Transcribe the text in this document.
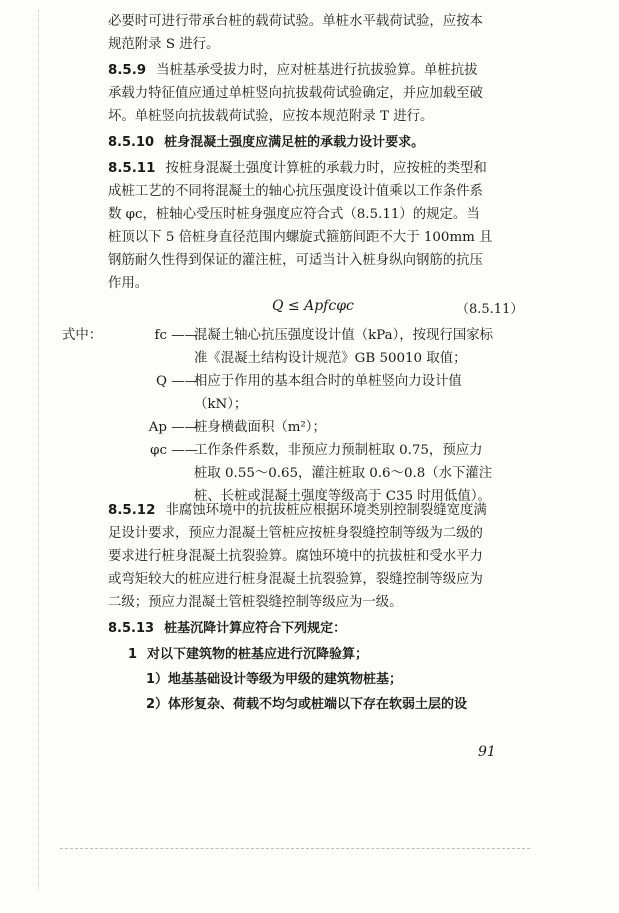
必要时可进行带承台桩的载荷试验。单桩水平载荷试验，应按本
规范附录 S 进行。
8.5.9 当桩基承受拔力时，应对桩基进行抗拔验算。单桩抗拔
承载力特征值应通过单桩竖向抗拔载荷试验确定，并应加载至破
坏。单桩竖向抗拔载荷试验，应按本规范附录 T 进行。
8.5.10 桩身混凝土强度应满足桩的承载力设计要求。
8.5.11 按桩身混凝土强度计算桩的承载力时，应按桩的类型和
成桩工艺的不同将混凝土的轴心抗压强度设计值乘以工作条件系
数 φc，桩轴心受压时桩身强度应符合式（8.5.11）的规定。当
桩顶以下 5 倍桩身直径范围内螺旋式箍筋间距不大于 100mm 且
钢筋耐久性得到保证的灌注桩，可适当计入桩身纵向钢筋的抗压
作用。
8.5.12 非腐蚀环境中的抗拔桩应根据环境类别控制裂缝宽度满
足设计要求，预应力混凝土管桩应按桩身裂缝控制等级为二级的
要求进行桩身混凝土抗裂验算。腐蚀环境中的抗拔桩和受水平力
或弯矩较大的桩应进行桩身混凝土抗裂验算，裂缝控制等级应为
二级；预应力混凝土管桩裂缝控制等级应为一级。
8.5.13 桩基沉降计算应符合下列规定：
1 对以下建筑物的桩基应进行沉降验算；
1）地基基础设计等级为甲级的建筑物桩基；
2）体形复杂、荷载不均匀或桩端以下存在软弱土层的设
Q ≤ Apfcφc	（8.5.11）
式中：	fc ——
混凝土轴心抗压强度设计值（kPa），按现行国家标
准《混凝土结构设计规范》GB 50010 取值；
Q ——
相应于作用的基本组合时的单桩竖向力设计值
（kN）；
Ap ——
桩身横截面积（m²）；
φc ——
工作条件系数，非预应力预制桩取 0.75，预应力
桩取 0.55～0.65，灌注桩取 0.6～0.8（水下灌注
桩、长桩或混凝土强度等级高于 C35 时用低值）。
91
